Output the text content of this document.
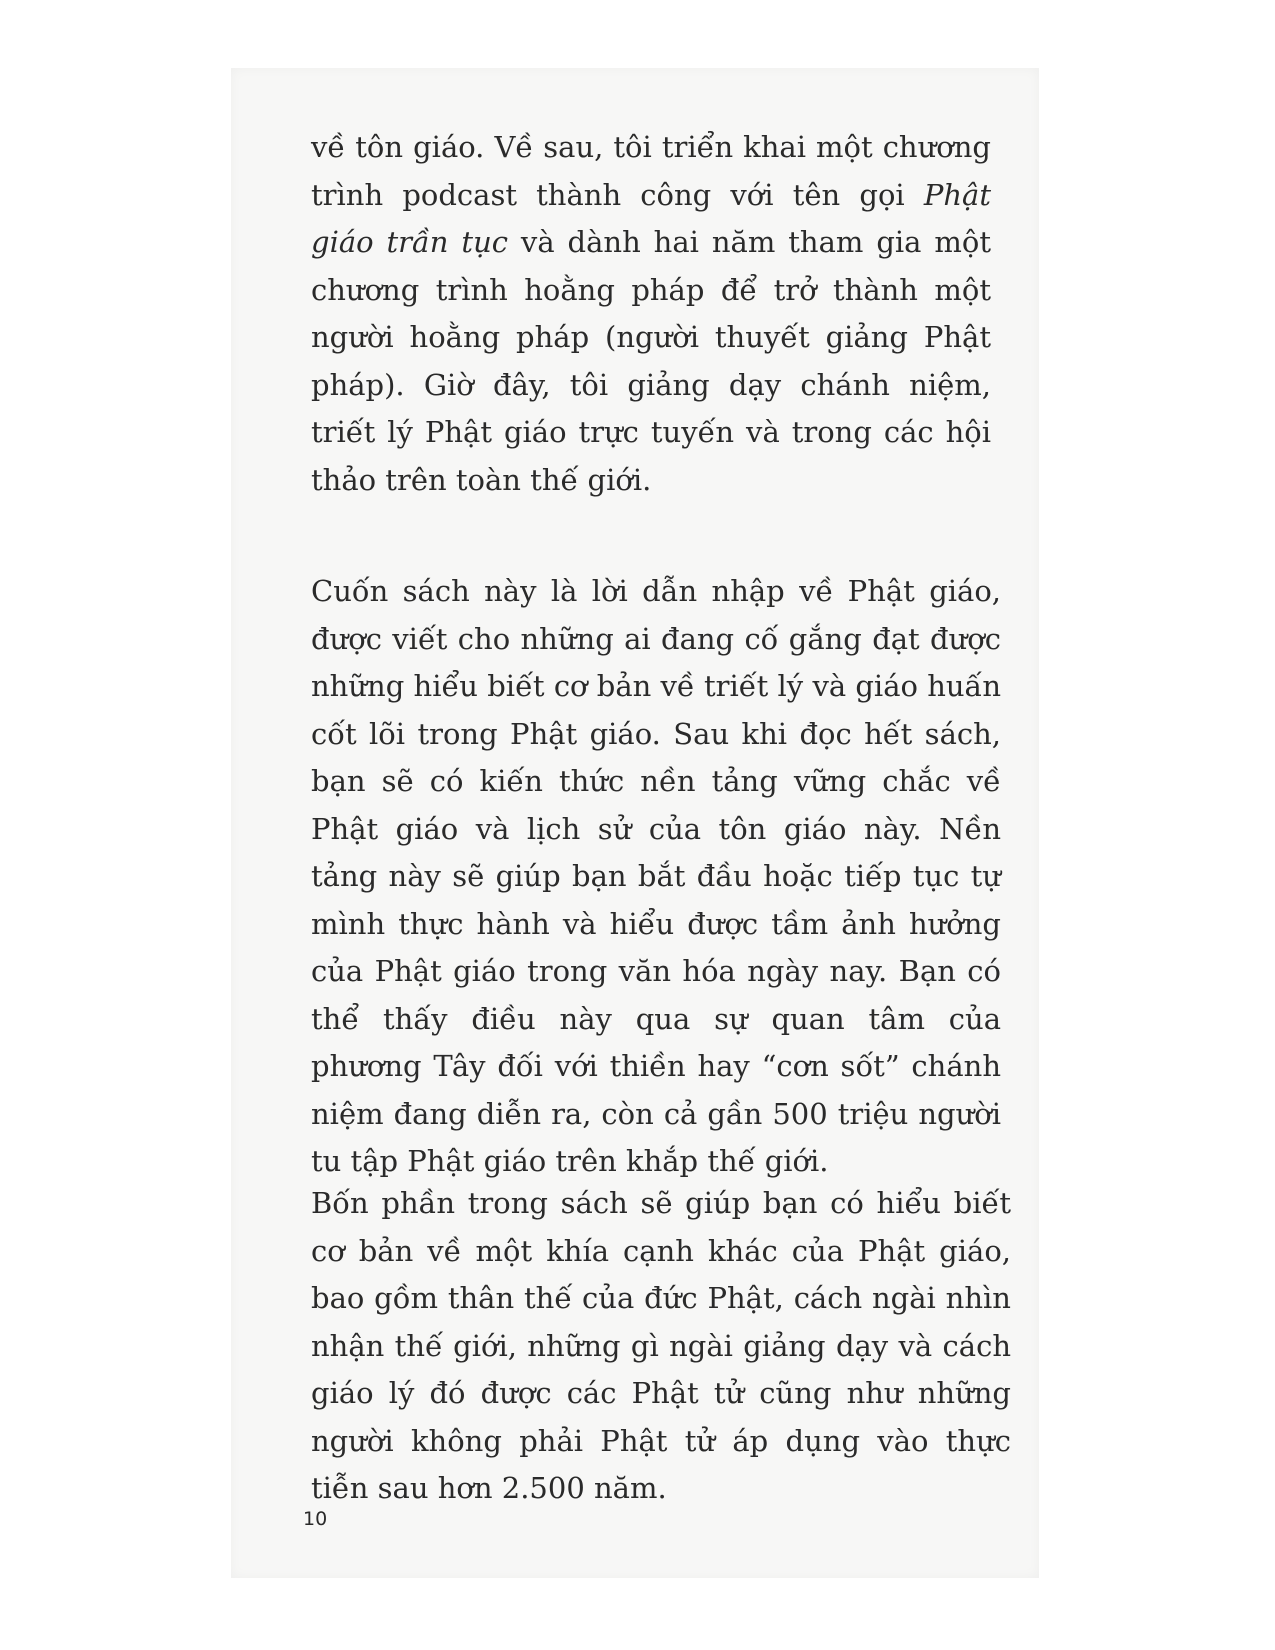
về tôn giáo. Về sau, tôi triển khai một chương trình podcast thành công với tên gọi Phật giáo trần tục và dành hai năm tham gia một chương trình hoằng pháp để trở thành một người hoằng pháp (người thuyết giảng Phật pháp). Giờ đây, tôi giảng dạy chánh niệm, triết lý Phật giáo trực tuyến và trong các hội thảo trên toàn thế giới.

Cuốn sách này là lời dẫn nhập về Phật giáo, được viết cho những ai đang cố gắng đạt được những hiểu biết cơ bản về triết lý và giáo huấn cốt lõi trong Phật giáo. Sau khi đọc hết sách, bạn sẽ có kiến thức nền tảng vững chắc về Phật giáo và lịch sử của tôn giáo này. Nền tảng này sẽ giúp bạn bắt đầu hoặc tiếp tục tự mình thực hành và hiểu được tầm ảnh hưởng của Phật giáo trong văn hóa ngày nay. Bạn có thể thấy điều này qua sự quan tâm của phương Tây đối với thiền hay “cơn sốt” chánh niệm đang diễn ra, còn cả gần 500 triệu người tu tập Phật giáo trên khắp thế giới.

Bốn phần trong sách sẽ giúp bạn có hiểu biết cơ bản về một khía cạnh khác của Phật giáo, bao gồm thân thế của đức Phật, cách ngài nhìn nhận thế giới, những gì ngài giảng dạy và cách giáo lý đó được các Phật tử cũng như những người không phải Phật tử áp dụng vào thực tiễn sau hơn 2.500 năm.

10
